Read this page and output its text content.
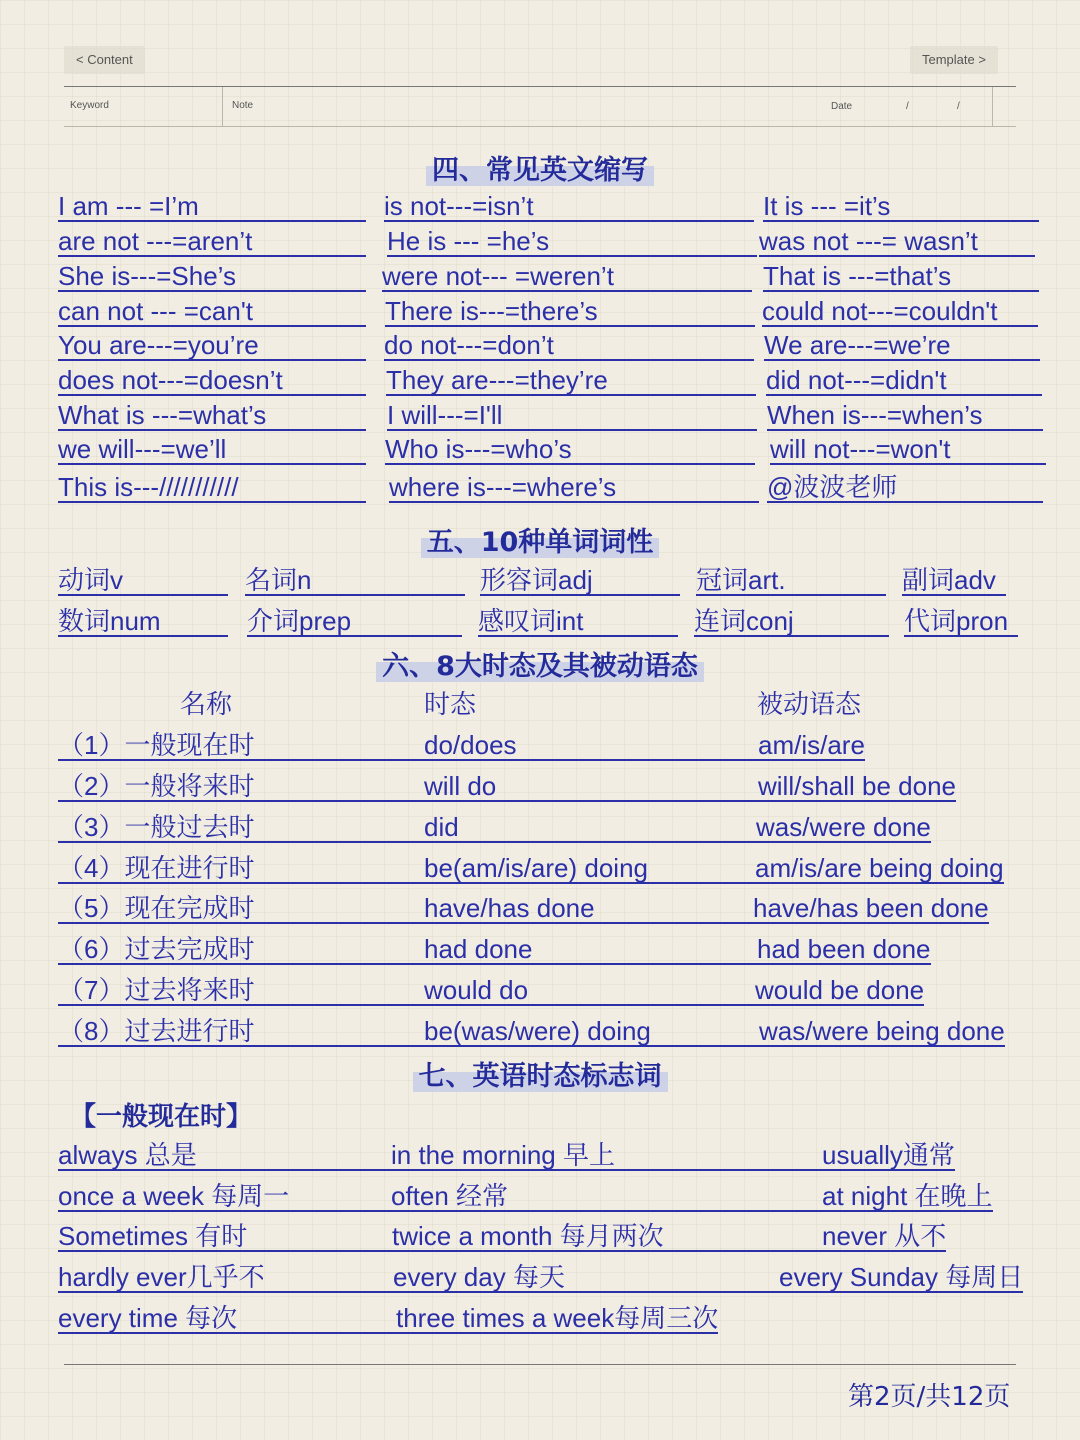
< Content	Template >
Keyword	Note	Date	/	/
四、常见英文缩写
I am --- =I’m	is not---=isn’t	It is --- =it’s
are not ---=aren’t	He is --- =he’s	was not ---= wasn’t
She is---=She’s	were not--- =weren’t	That is ---=that’s
can not --- =can't	There is---=there’s	could not---=couldn't
You are---=you’re	do not---=don’t	We are---=we’re
does not---=doesn’t	They are---=they’re	did not---=didn't
What is ---=what’s	I will---=I'll	When is---=when’s
we will---=we’ll	Who is---=who’s	will not---=won't
This is---///////////	where is---=where’s	@波波老师
五、10种单词词性
动词v	名词n	形容词adj	冠词art.	副词adv
数词num	介词prep	感叹词int	连词conj	代词pron
六、8大时态及其被动语态
名称	时态	被动语态
（1）一般现在时	do/does	am/is/are
（2）一般将来时	will do	will/shall be done
（3）一般过去时	did	was/were done
（4）现在进行时	be(am/is/are) doing	am/is/are being doing
（5）现在完成时	have/has done	have/has been done
（6）过去完成时	had done	had been done
（7）过去将来时	would do	would be done
（8）过去进行时	be(was/were) doing	was/were being done
七、英语时态标志词
【一般现在时】
always 总是	in the morning 早上	usually通常
once a week 每周一	often 经常	at night 在晚上
Sometimes 有时	twice a month 每月两次	never 从不
hardly ever几乎不	every day 每天	every Sunday 每周日
every time 每次	three times a week每周三次
第2页/共12页
